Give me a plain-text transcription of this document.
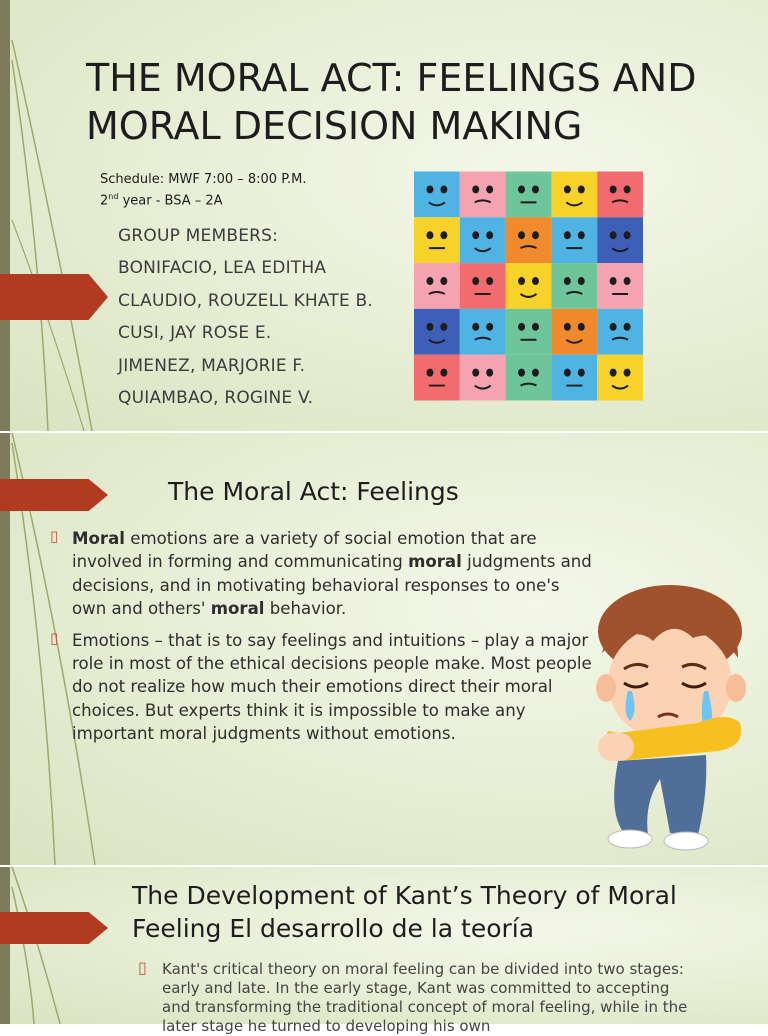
THE MORAL ACT: FEELINGS AND MORAL DECISION MAKING
Schedule: MWF 7:00 – 8:00 P.M.
2nd year - BSA – 2A
GROUP MEMBERS:
BONIFACIO, LEA EDITHA
CLAUDIO, ROUZELL KHATE B.
CUSI, JAY ROSE E.
JIMENEZ, MARJORIE F.
QUIAMBAO, ROGINE V.
The Moral Act: Feelings
▯ Moral emotions are a variety of social emotion that are involved in forming and communicating moral judgments and decisions, and in motivating behavioral responses to one's own and others' moral behavior.
▯ Emotions – that is to say feelings and intuitions – play a major role in most of the ethical decisions people make. Most people do not realize how much their emotions direct their moral choices. But experts think it is impossible to make any important moral judgments without emotions.
The Development of Kant’s Theory of Moral Feeling El desarrollo de la teoría
▯ Kant's critical theory on moral feeling can be divided into two stages: early and late. In the early stage, Kant was committed to accepting and transforming the traditional concept of moral feeling, while in the later stage he turned to developing his own
